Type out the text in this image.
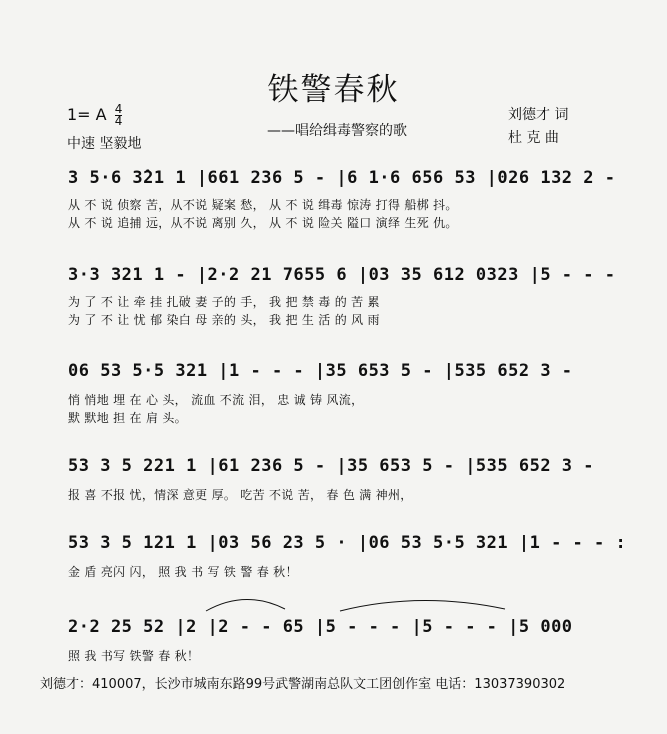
铁警春秋
——唱给缉毒警察的歌
1= A $\frac{4}{4}$
中速 坚毅地
刘德才 词
杜 克 曲
3 5·6 3̂21 1 |661 236 5 - |6 1·6 656 53 |026 132 2 -
从 不 说 侦察 苦，从不说 疑案 愁， 从 不 说 缉毒 惊涛 打得 船梆 抖。
从 不 说 追捕 远，从不说 离别 久， 从 不 说 险关 隘口 演绎 生死 仇。
3·3 321 1 - |2·2 21 7655 6 |03 35 612 0323 |5 - - -
为 了 不 让 牵 挂 扎破 妻 子的 手， 我 把 禁 毒 的 苦 累
为 了 不 让 忧 郁 染白 母 亲的 头， 我 把 生 活 的 风 雨
06 53 5·5 321 |1 - - - |35 653 5 - |535 652 3 -
悄 悄地 埋 在 心 头， 流血 不流 泪， 忠 诚 铸 风流，
默 默地 担 在 肩 头。
53 3 5 221 1 |61 236 5 - |35 653 5 - |535 652 3 -
报 喜 不报 忧，情深 意更 厚。 吃苦 不说 苦， 春 色 满 神州，
53 3 5 121 1 |03 56 23 5 · |06 53 5·5 321 |1 - - - :
金 盾 亮闪 闪， 照 我 书 写 铁 警 春 秋！
2·2 25 52 |2 |2 - - 65 |5 - - - |5 - - - |5 000
照 我 书写 铁警 春 秋！
刘德才：410007，长沙市城南东路99号武警湖南总队文工团创作室 电话：13037390302
